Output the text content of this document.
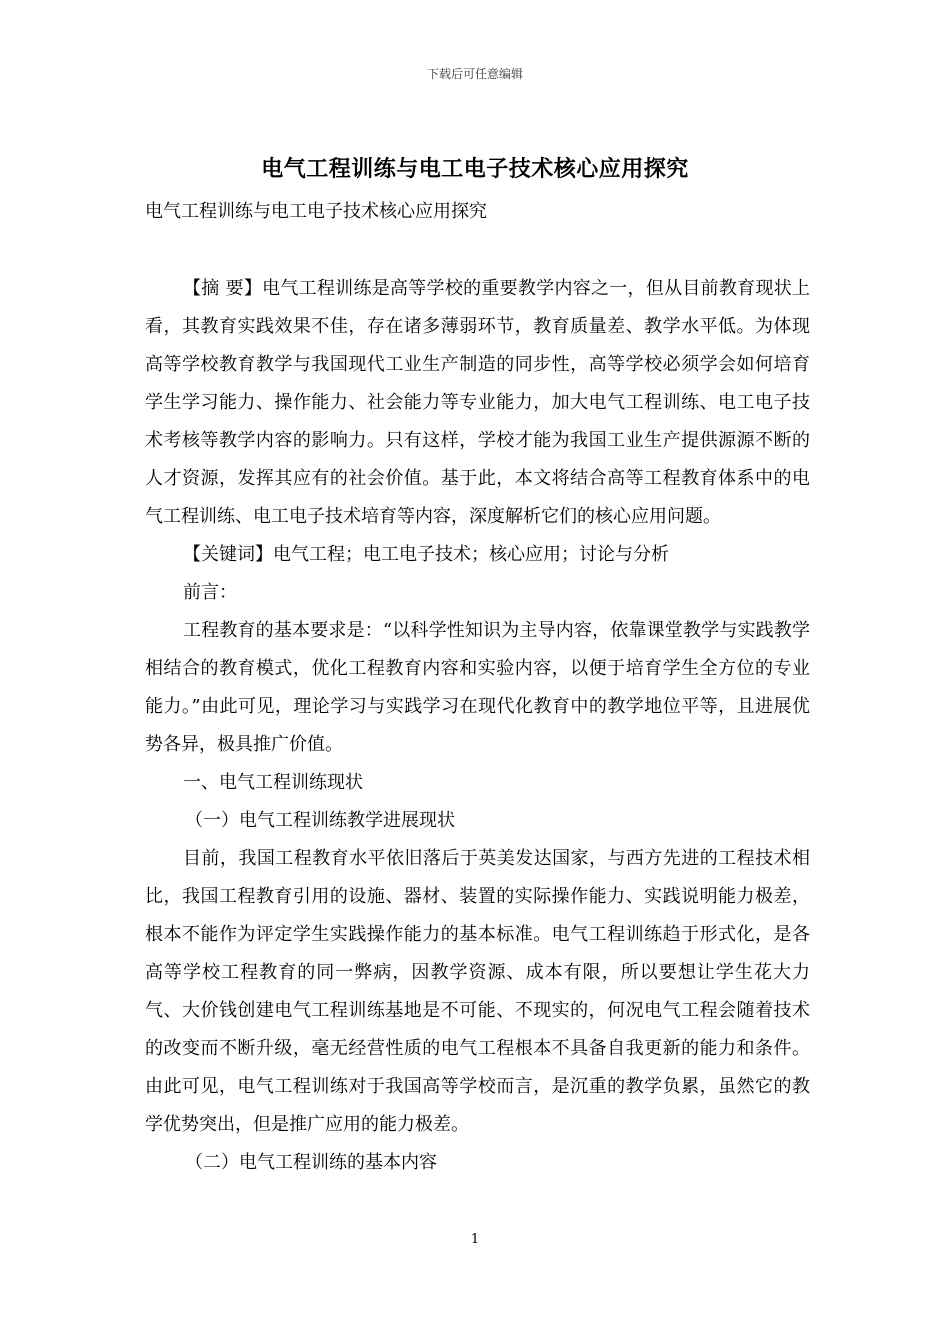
下载后可任意编辑
电气工程训练与电工电子技术核心应用探究
电气工程训练与电工电子技术核心应用探究

【摘 要】电气工程训练是高等学校的重要教学内容之一，但从目前教育现状上看，其教育实践效果不佳，存在诸多薄弱环节，教育质量差、教学水平低。为体现高等学校教育教学与我国现代工业生产制造的同步性，高等学校必须学会如何培育学生学习能力、操作能力、社会能力等专业能力，加大电气工程训练、电工电子技术考核等教学内容的影响力。只有这样，学校才能为我国工业生产提供源源不断的人才资源，发挥其应有的社会价值。基于此，本文将结合高等工程教育体系中的电气工程训练、电工电子技术培育等内容，深度解析它们的核心应用问题。

【关键词】电气工程；电工电子技术；核心应用；讨论与分析

前言：

工程教育的基本要求是：“以科学性知识为主导内容，依靠课堂教学与实践教学相结合的教育模式，优化工程教育内容和实验内容，以便于培育学生全方位的专业能力。”由此可见，理论学习与实践学习在现代化教育中的教学地位平等，且进展优势各异，极具推广价值。

一、电气工程训练现状

（一）电气工程训练教学进展现状

目前，我国工程教育水平依旧落后于英美发达国家，与西方先进的工程技术相比，我国工程教育引用的设施、器材、装置的实际操作能力、实践说明能力极差，根本不能作为评定学生实践操作能力的基本标准。电气工程训练趋于形式化，是各高等学校工程教育的同一弊病，因教学资源、成本有限，所以要想让学生花大力气、大价钱创建电气工程训练基地是不可能、不现实的，何况电气工程会随着技术的改变而不断升级，毫无经营性质的电气工程根本不具备自我更新的能力和条件。由此可见，电气工程训练对于我国高等学校而言，是沉重的教学负累，虽然它的教学优势突出，但是推广应用的能力极差。

（二）电气工程训练的基本内容

1
